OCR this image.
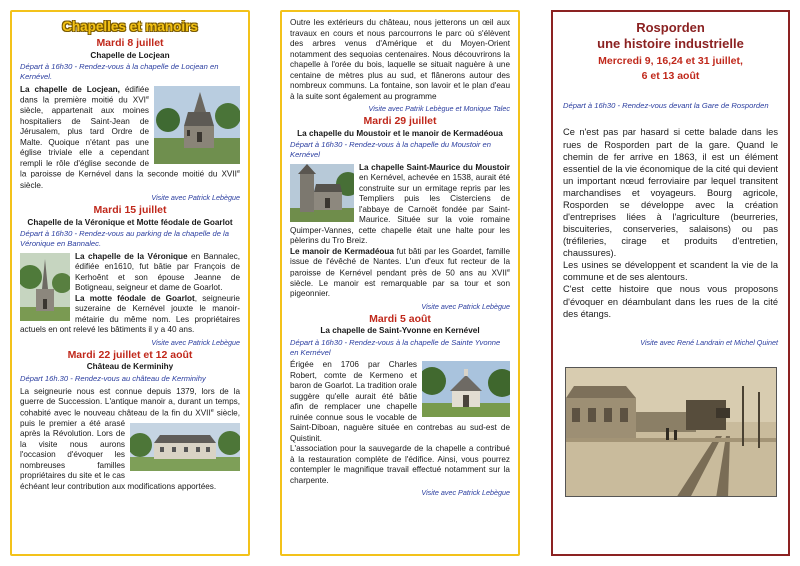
Chapelles et manoirs
Mardi 8 juillet
Chapelle de Locjean
Départ à 16h30 - Rendez-vous à la chapelle de Locjean en Kernével.

La chapelle de Locjean, édifiée dans la première moitié du XVIe siècle, appartenait aux moines hospitaliers de Saint-Jean de Jérusalem, plus tard Ordre de Malte. Quoique n'étant pas une église triviale elle a cependant rempli le rôle d'église seconde de la paroisse de Kernével dans la seconde moitié du XVIIe siècle.

Visite avec Patrick Lebègue
Mardi 15 juillet
Chapelle de la Véronique et Motte féodale de Goarlot
Départ à 16h30 - Rendez-vous au parking de la chapelle de la Véronique en Bannalec.

La chapelle de la Véronique en Bannalec, édifiée en1610, fut bâtie par François de Kerhoênt et son épouse Jeanne de Botigneau, seigneur et dame de Goarlot.
La motte féodale de Goarlot, seigneurie suzeraine de Kernével jouxte le manoir-métairie du même nom. Les propriétaires actuels en ont relevé les bâtiments il y a 40 ans.

Visite avec Patrick Lebègue
Mardi 22 juillet et 12 août
Château de Kerminihy
Départ 16h.30 - Rendez-vous au château de Kerminihy

La seigneurie nous est connue depuis 1379, lors de la guerre de Succession. L'antique manoir a, durant un temps, cohabité avec le nouveau château de la fin du XVIIe
siècle, puis le premier a été arasé après la Révolution. Lors de la visite nous aurons l'occasion d'évoquer les nombreuses familles propriétaires du site et le cas échéant leur contribution aux modifications apportées.

Outre les extérieurs du château, nous jetterons un œil aux travaux en cours et nous parcourrons le parc où s'élèvent des arbres venus d'Amérique et du Moyen-Orient notamment des sequoias centenaires. Nous découvrirons la chapelle à l'orée du bois, laquelle se situait naguère à une centaine de mètres plus au sud, et flânerons autour des nombreux communs. La fontaine, son lavoir et le plan d'eau à la suite sont également au programme

Visite avec Patrik Lebègue et Monique Talec
Mardi 29 juillet
La chapelle du Moustoir et le manoir de Kermadéoua
Départ à 16h30 - Rendez-vous à la chapelle du Moustoir en Kernével

La chapelle Saint-Maurice du Moustoir en Kernével, achevée en 1538, aurait été construite sur un ermitage repris par les Templiers puis les Cisterciens de l'abbaye de Carnoët fondée par Saint-Maurice. Située sur la voie romaine Quimper-Vannes, cette chapelle était une halte pour les pèlerins du Tro Breiz.

Le manoir de Kermadéoua fut bâti par les Goardet, famille issue de l'évêché de Nantes. L'un d'eux fut recteur de la paroisse de Kernével pendant près de 50 ans au XVIIe siècle. Le manoir est remarquable par sa tour et son pigeonnier.

Visite avec Patrick Lebègue
Mardi 5 août
La chapelle de Saint-Yvonne en Kernével
Départ à 16h30 - Rendez-vous à la chapelle de Sainte Yvonne en Kernével

Érigée en 1706 par Charles Robert, comte de Kermeno et baron de Goarlot. La tradition orale suggère qu'elle aurait été bâtie afin de remplacer une chapelle ruinée connue sous le vocable de Saint-Diboan, naguère située en contrebas au sud-est de Quistinit.

L'association pour la sauvegarde de la chapelle a contribué à la restauration complète de l'édifice. Ainsi, vous pourrez contempler le magnifique travail effectué notamment sur la charpente.

Visite avec Patrick Lebègue
Rosporden
une histoire industrielle
Mercredi 9, 16,24 et 31 juillet,
6 et 13 août
Départ à 16h30 - Rendez-vous devant la Gare de Rosporden

Ce n'est pas par hasard si cette balade dans les rues de Rosporden part de la gare. Quand le chemin de fer arrive en 1863, il est un élément essentiel de la vie économique de la cité qui devient un important nœud ferroviaire par lequel transitent marchandises et voyageurs. Bourg agricole, Rosporden se développe avec la création d'entreprises liées à l'agriculture (beurreries, biscuiteries, conserveries, salaisons) ou pas (tréfileries, cirage et produits d'entretien, chaussures).

Les usines se développent et scandent la vie de la commune et de ses alentours.

C'est cette histoire que nous vous proposons d'évoquer en déambulant dans les rues de la cité des étangs.

Visite avec René Landrain et Michel Quinet
